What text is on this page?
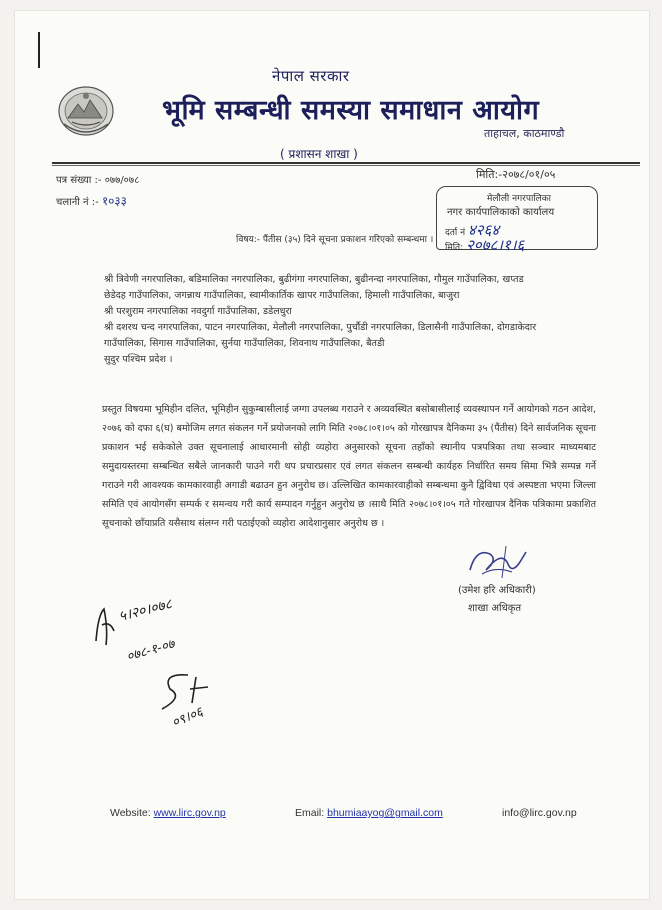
नेपाल सरकार
भूमि सम्बन्धी समस्या समाधान आयोग
ताहाचल, काठमाण्डौ
( प्रशासन शाखा )
पत्र संख्या :- ०७७/०७८
चलानी नं :- १०३३
मिति:-२०७८/०१/०५
मेलौली नगरपालिका
नगर कार्यपालिकाको कार्यालय
दर्ता नं ४२६४
मिति: २०७८।१।६
विषय:- पैंतीस (३५) दिने सूचना प्रकाशन गरिएको सम्बन्धमा ।
श्री त्रिवेणी नगरपालिका, बडिमालिका नगरपालिका, बुढीगंगा नगरपालिका, बुढीनन्दा नगरपालिका, गौमुल गाउँपालिका, खप्तड
छेडेदह गाउँपालिका, जगन्नाथ गाउँपालिका, स्वामीकार्तिक खापर गाउँपालिका, हिमाली गाउँपालिका, बाजुरा
श्री परशुराम नगरपालिका नवदुर्गा गाउँपालिका, डडेलधुरा
श्री दशरथ चन्द नगरपालिका, पाटन नगरपालिका, मेलौली नगरपालिका, पुर्चौडी नगरपालिका, डिलासैनी गाउँपालिका, दोगडाकेदार
गाउँपालिका, सिगास गाउँपालिका, सुर्नया गाउँपालिका, शिवनाथ गाउँपालिका, बैतडी
सुदुर पश्चिम प्रदेश ।
प्रस्तुत विषयमा भूमिहीन दलित, भूमिहीन सुकुम्बासीलाई जग्गा उपलब्ध गराउने र अव्यवस्थित बसोबासीलाई व्यवस्थापन गर्ने आयोगको गठन आदेश, २०७६ को दफा ६(घ) बमोजिम लगत संकलन गर्ने प्रयोजनको लागि मिति २०७८।०१।०५ को गोरखापत्र दैनिकमा ३५ (पैंतीस) दिने सार्वजनिक सूचना प्रकाशन भई सकेकोले उक्त सूचनालाई आधारमानी सोही व्यहोरा अनुसारको सूचना तहाँको स्थानीय पत्रपत्रिका तथा सञ्चार माध्यमबाट समुदायस्तरमा सम्बन्धित सबैले जानकारी पाउने गरी थप प्रचारप्रसार एवं लगत संकलन सम्बन्धी कार्यहरु निर्धारित समय सिमा भित्रै सम्पन्न गर्ने गराउने गरी आवश्यक कामकारवाही अगाडी बढाउन हुन अनुरोध छ। उल्लिखित कामकारवाहीको सम्बन्धमा कुनै द्विविधा एवं अस्पष्टता भएमा जिल्ला समिति एवं आयोगसँग सम्पर्क र समन्वय गरी कार्य सम्पादन गर्नुहुन अनुरोध छ ।साथै मिति २०७८।०१।०५ गते गोरखापत्र दैनिक पत्रिकामा प्रकाशित सूचनाको छाँयाप्रति यसैसाथ संलग्न गरी पठाईएको व्यहोरा आदेशानुसार अनुरोध छ ।
(उमेश हरि अधिकारी)
शाखा अधिकृत
५।२०।०७८
०७८-१-०७
०९।०६
Website: www.lirc.gov.np	Email: bhumiaayog@gmail.com	info@lirc.gov.np
